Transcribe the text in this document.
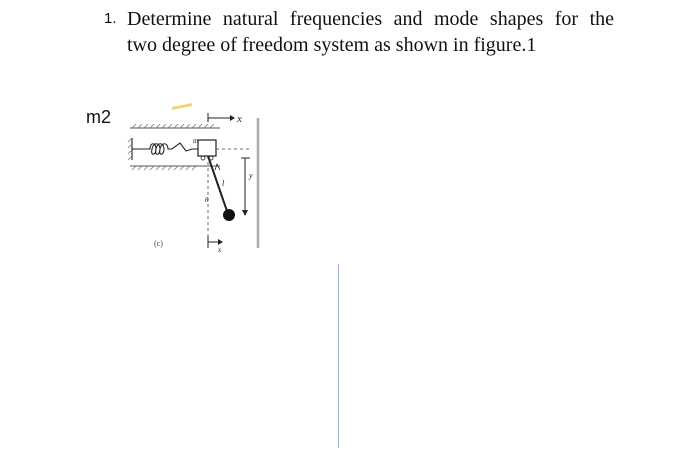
1. Determine natural frequencies and mode shapes for the
two degree of freedom system as shown in figure.1
m2
m
x
l
θ
y
x
(c)
